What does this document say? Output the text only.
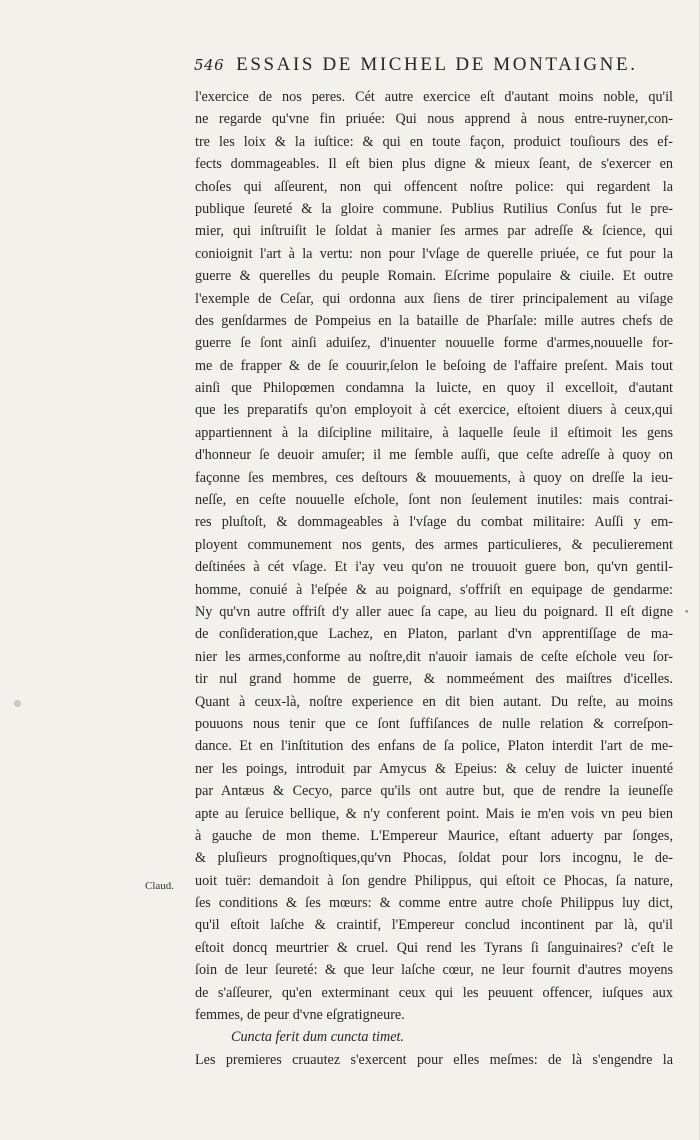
•
546 ESSAIS DE MICHEL DE MONTAIGNE.
l'exercice de nos peres. Cét autre exercice eſt d'autant moins noble, qu'il
ne regarde qu'vne fin priuée: Qui nous apprend à nous entre-ruyner,con-
tre les loix & la iuſtice: & qui en toute façon, produict touſiours des ef-
fects dommageables. Il eſt bien plus digne & mieux ſeant, de s'exercer en
choſes qui aſſeurent, non qui offencent noſtre police: qui regardent la
publique ſeureté & la gloire commune. Publius Rutilius Conſus fut le pre-
mier, qui inſtruiſit le ſoldat à manier ſes armes par adreſſe & ſcience, qui
conioignit l'art à la vertu: non pour l'vſage de querelle priuée, ce fut pour la
guerre & querelles du peuple Romain. Eſcrime populaire & ciuile. Et outre
l'exemple de Ceſar, qui ordonna aux ſiens de tirer principalement au viſage
des genſdarmes de Pompeius en la bataille de Pharſale: mille autres chefs de
guerre ſe ſont ainſi aduiſez, d'inuenter nouuelle forme d'armes,nouuelle for-
me de frapper & de ſe couurir,ſelon le beſoing de l'affaire preſent. Mais tout
ainſi que Philopœmen condamna la luicte, en quoy il excelloit, d'autant
que les preparatifs qu'on employoit à cét exercice, eſtoient diuers à ceux,qui
appartiennent à la diſcipline militaire, à laquelle ſeule il eſtimoit les gens
d'honneur ſe deuoir amuſer; il me ſemble auſſi, que ceſte adreſſe à quoy on
façonne ſes membres, ces deſtours & mouuements, à quoy on dreſſe la ieu-
neſſe, en ceſte nouuelle eſchole, ſont non ſeulement inutiles: mais contrai-
res pluſtoſt, & dommageables à l'vſage du combat militaire: Auſſi y em-
ployent communement nos gents, des armes particulieres, & peculierement
deſtinées à cét vſage. Et i'ay veu qu'on ne trouuoit guere bon, qu'vn gentil-
homme, conuié à l'eſpée & au poignard, s'offriſt en equipage de gendarme:
Ny qu'vn autre offriſt d'y aller auec ſa cape, au lieu du poignard. Il eſt digne
de conſideration,que Lachez, en Platon, parlant d'vn apprentiſſage de ma-
nier les armes,conforme au noſtre,dit n'auoir iamais de ceſte eſchole veu ſor-
tir nul grand homme de guerre, & nommeément des maiſtres d'icelles.
Quant à ceux-là, noſtre experience en dit bien autant. Du reſte, au moins
pouuons nous tenir que ce ſont ſuffiſances de nulle relation & correſpon-
dance. Et en l'inſtitution des enfans de ſa police, Platon interdit l'art de me-
ner les poings, introduit par Amycus & Epeius: & celuy de luicter inuenté
par Antæus & Cecyo, parce qu'ils ont autre but, que de rendre la ieuneſſe
apte au ſeruice bellique, & n'y conferent point. Mais ie m'en vois vn peu bien
à gauche de mon theme. L'Empereur Maurice, eſtant aduerty par ſonges,
& pluſieurs prognoſtiques,qu'vn Phocas, ſoldat pour lors incognu, le de-
uoit tuër: demandoit à ſon gendre Philippus, qui eſtoit ce Phocas, ſa nature,
ſes conditions & ſes mœurs: & comme entre autre choſe Philippus luy dict,
qu'il eſtoit laſche & craintif, l'Empereur conclud incontinent par là, qu'il
eſtoit doncq meurtrier & cruel. Qui rend les Tyrans ſi ſanguinaires? c'eſt le
ſoin de leur ſeureté: & que leur laſche cœur, ne leur fournit d'autres moyens
de s'aſſeurer, qu'en exterminant ceux qui les peuuent offencer, iuſques aux
femmes, de peur d'vne eſgratigneure.
Cuncta ferit dum cuncta timet.
Les premieres cruautez s'exercent pour elles meſmes: de là s'engendre la
Claud.
